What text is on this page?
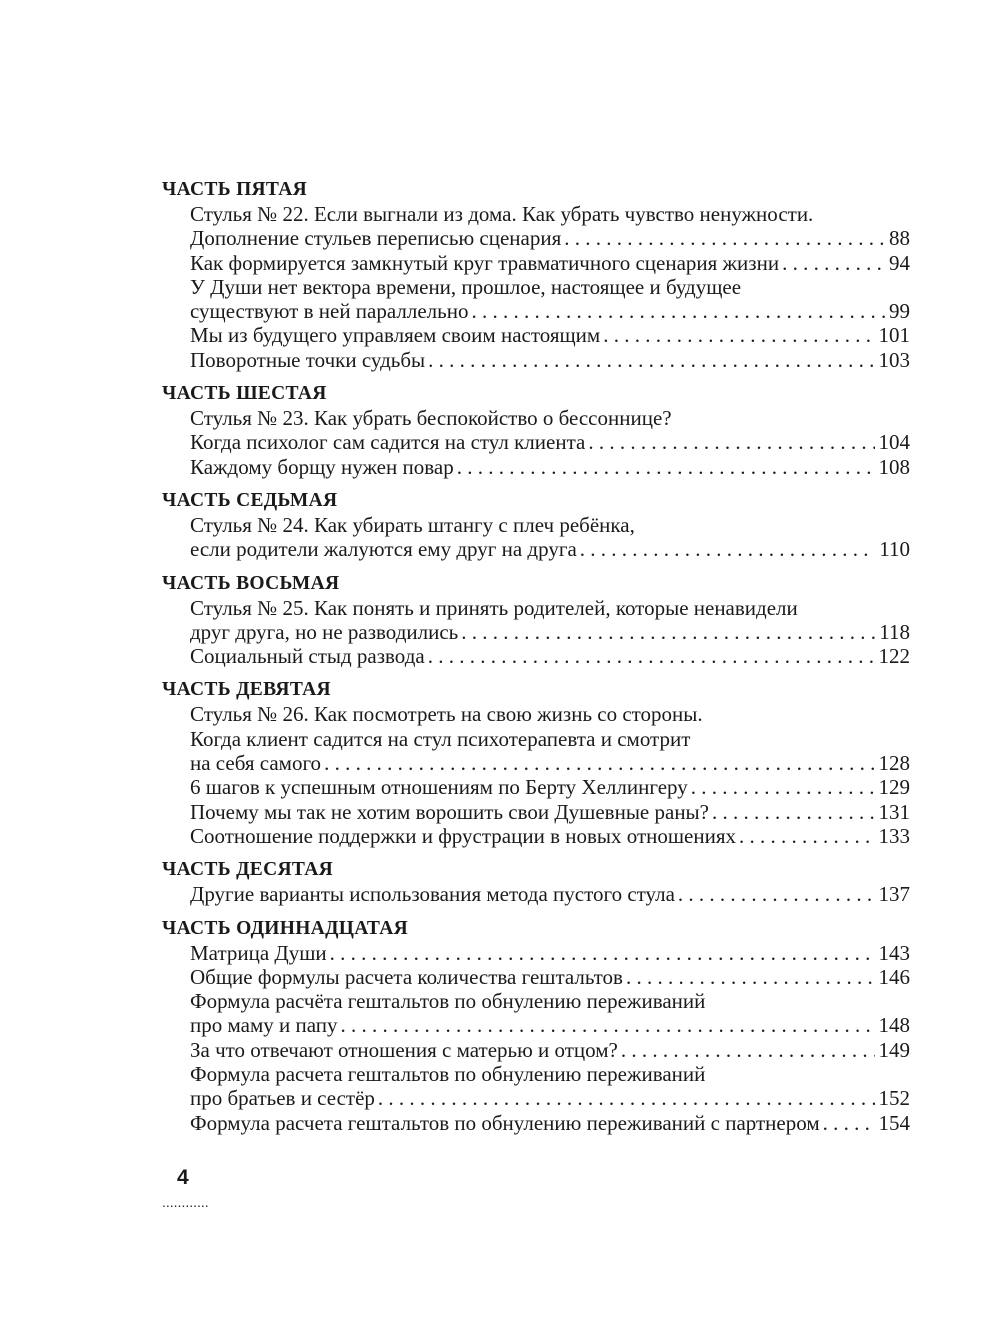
ЧАСТЬ ПЯТАЯ
Стулья № 22. Если выгнали из дома. Как убрать чувство ненужности.
Дополнение стульев переписью сценария . . .	88
Как формируется замкнутый круг травматичного сценария жизни . . .	94
У Души нет вектора времени, прошлое, настоящее и будущее
существуют в ней параллельно . . .	99
Мы из будущего управляем своим настоящим . . .	101
Поворотные точки судьбы . . .	103
ЧАСТЬ ШЕСТАЯ
Стулья № 23. Как убрать беспокойство о бессоннице?
Когда психолог сам садится на стул клиента . . .	104
Каждому борщу нужен повар . . .	108
ЧАСТЬ СЕДЬМАЯ
Стулья № 24. Как убирать штангу с плеч ребёнка,
если родители жалуются ему друг на друга . . .	110
ЧАСТЬ ВОСЬМАЯ
Стулья № 25. Как понять и принять родителей, которые ненавидели
друг друга, но не разводились . . .	118
Социальный стыд развода . . .	122
ЧАСТЬ ДЕВЯТАЯ
Стулья № 26. Как посмотреть на свою жизнь со стороны.
Когда клиент садится на стул психотерапевта и смотрит
на себя самого . . .	128
6 шагов к успешным отношениям по Берту Хеллингеру . . .	129
Почему мы так не хотим ворошить свои Душевные раны? . . .	131
Соотношение поддержки и фрустрации в новых отношениях . . .	133
ЧАСТЬ ДЕСЯТАЯ
Другие варианты использования метода пустого стула . . .	137
ЧАСТЬ ОДИННАДЦАТАЯ
Матрица Души . . .	143
Общие формулы расчета количества гештальтов . . .	146
Формула расчёта гештальтов по обнулению переживаний
про маму и папу . . .	148
За что отвечают отношения с матерью и отцом? . . .	149
Формула расчета гештальтов по обнулению переживаний
про братьев и сестёр . . .	152
Формула расчета гештальтов по обнулению переживаний с партнером . . .	154
4
............
